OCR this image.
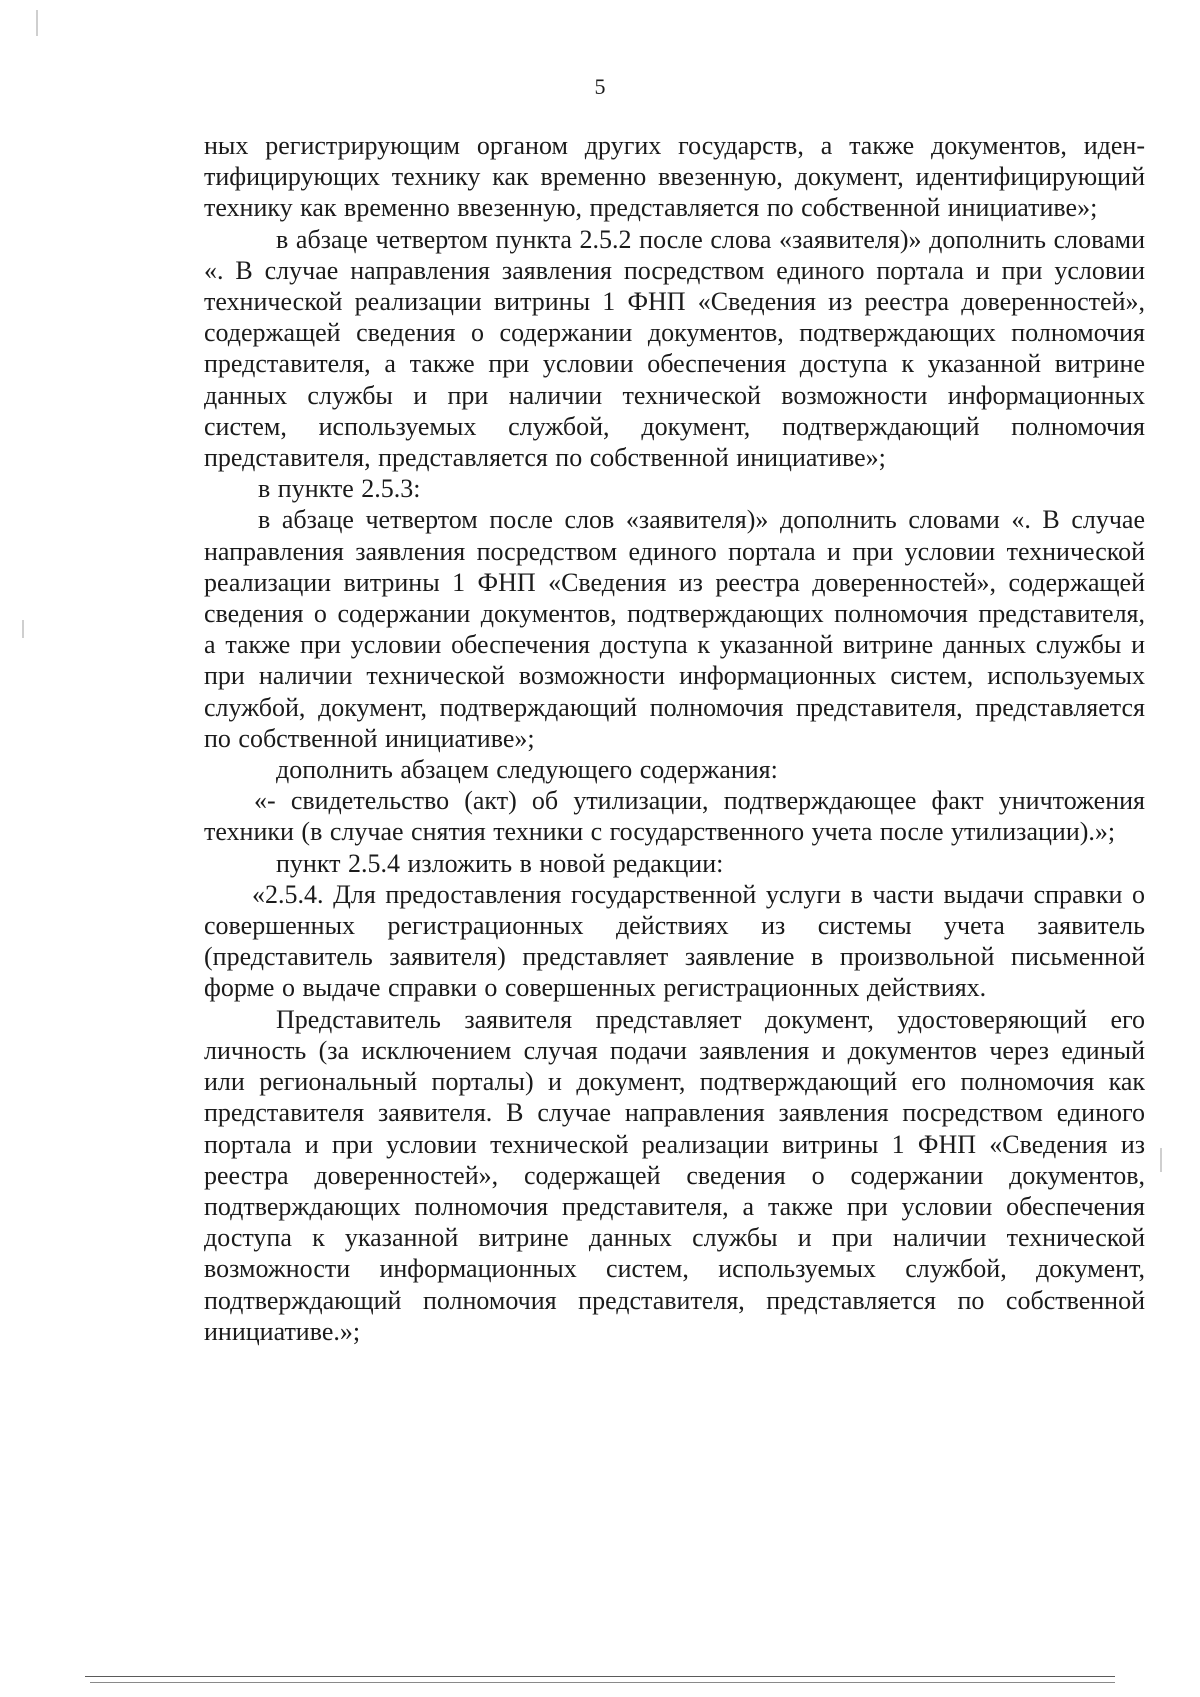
5

ных регистрирующим органом других государств, а также документов, идентифицирующих технику как временно ввезенную, документ, идентифицирующий технику как временно ввезенную, представляется по собственной инициативе»;

в абзаце четвертом пункта 2.5.2 после слова «заявителя)» дополнить словами «. В случае направления заявления посредством единого портала и при условии технической реализации витрины 1 ФНП «Сведения из реестра доверенностей», содержащей сведения о содержании документов, подтверждающих полномочия представителя, а также при условии обеспечения доступа к указанной витрине данных службы и при наличии технической возможности информационных систем, используемых службой, документ, подтверждающий полномочия представителя, представляется по собственной инициативе»;

в пункте 2.5.3:

в абзаце четвертом после слов «заявителя)» дополнить словами «. В случае направления заявления посредством единого портала и при условии технической реализации витрины 1 ФНП «Сведения из реестра доверенностей», содержащей сведения о содержании документов, подтверждающих полномочия представителя, а также при условии обеспечения доступа к указанной витрине данных службы и при наличии технической возможности информационных систем, используемых службой, документ, подтверждающий полномочия представителя, представляется по собственной инициативе»;

дополнить абзацем следующего содержания:

«- свидетельство (акт) об утилизации, подтверждающее факт уничтожения техники (в случае снятия техники с государственного учета после утилизации).»;

пункт 2.5.4 изложить в новой редакции:

«2.5.4. Для предоставления государственной услуги в части выдачи справки о совершенных регистрационных действиях из системы учета заявитель (представитель заявителя) представляет заявление в произвольной письменной форме о выдаче справки о совершенных регистрационных действиях.

Представитель заявителя представляет документ, удостоверяющий его личность (за исключением случая подачи заявления и документов через единый или региональный порталы) и документ, подтверждающий его полномочия как представителя заявителя. В случае направления заявления посредством единого портала и при условии технической реализации витрины 1 ФНП «Сведения из реестра доверенностей», содержащей сведения о содержании документов, подтверждающих полномочия представителя, а также при условии обеспечения доступа к указанной витрине данных службы и при наличии технической возможности информационных систем, используемых службой, документ, подтверждающий полномочия представителя, представляется по собственной инициативе.»;
